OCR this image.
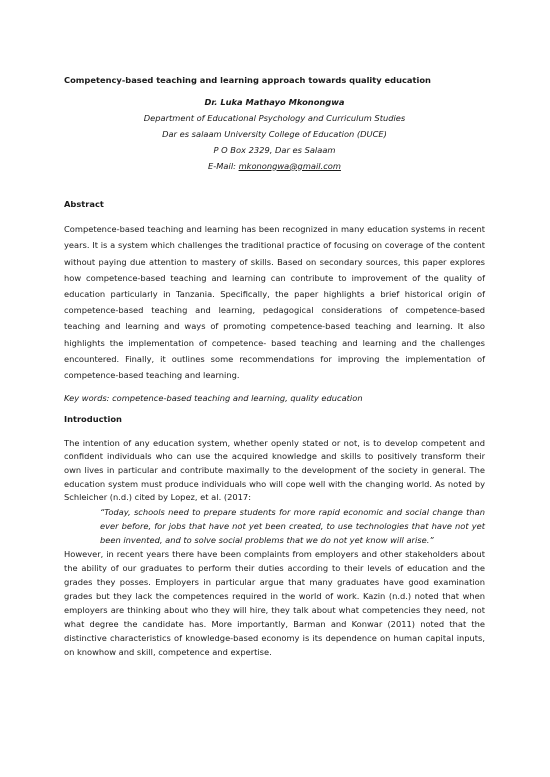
Competency-based teaching and learning approach towards quality education
Dr. Luka Mathayo Mkonongwa
Department of Educational Psychology and Curriculum Studies
Dar es salaam University College of Education (DUCE)
P O Box 2329, Dar es Salaam
E-Mail: mkonongwa@gmail.com
Abstract

Competence-based teaching and learning has been recognized in many education systems in recent years. It is a system which challenges the traditional practice of focusing on coverage of the content without paying due attention to mastery of skills. Based on secondary sources, this paper explores how competence-based teaching and learning can contribute to improvement of the quality of education particularly in Tanzania. Specifically, the paper highlights a brief historical origin of competence-based teaching and learning, pedagogical considerations of competence-based teaching and learning and ways of promoting competence-based teaching and learning. It also highlights the implementation of competence- based teaching and learning and the challenges encountered. Finally, it outlines some recommendations for improving the implementation of competence-based teaching and learning.

Key words: competence-based teaching and learning, quality education

Introduction

The intention of any education system, whether openly stated or not, is to develop competent and confident individuals who can use the acquired knowledge and skills to positively transform their own lives in particular and contribute maximally to the development of the society in general. The education system must produce individuals who will cope well with the changing world. As noted by Schleicher (n.d.) cited by Lopez, et al. (2017:

“Today, schools need to prepare students for more rapid economic and social change than ever before, for jobs that have not yet been created, to use technologies that have not yet been invented, and to solve social problems that we do not yet know will arise.”

However, in recent years there have been complaints from employers and other stakeholders about the ability of our graduates to perform their duties according to their levels of education and the grades they posses. Employers in particular argue that many graduates have good examination grades but they lack the competences required in the world of work. Kazin (n.d.) noted that when employers are thinking about who they will hire, they talk about what competencies they need, not what degree the candidate has. More importantly, Barman and Konwar (2011) noted that the distinctive characteristics of knowledge-based economy is its dependence on human capital inputs, on knowhow and skill, competence and expertise.
